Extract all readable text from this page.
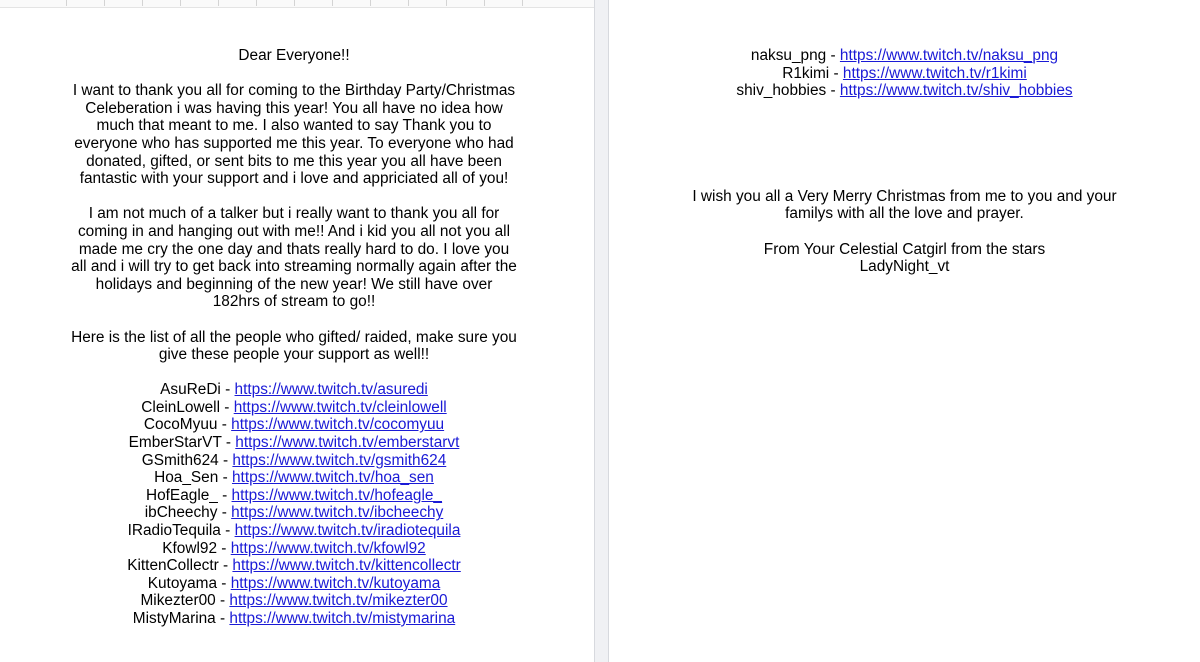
Dear Everyone!!

I want to thank you all for coming to the Birthday Party/Christmas
Celeberation i was having this year! You all have no idea how
much that meant to me. I also wanted to say Thank you to
everyone who has supported me this year. To everyone who had
donated, gifted, or sent bits to me this year you all have been
fantastic with your support and i love and appriciated all of you!

I am not much of a talker but i really want to thank you all for
coming in and hanging out with me!! And i kid you all not you all
made me cry the one day and thats really hard to do. I love you
all and i will try to get back into streaming normally again after the
holidays and beginning of the new year! We still have over
182hrs of stream to go!!

Here is the list of all the people who gifted/ raided, make sure you
give these people your support as well!!

AsuReDi - https://www.twitch.tv/asuredi
CleinLowell - https://www.twitch.tv/cleinlowell
CocoMyuu - https://www.twitch.tv/cocomyuu
EmberStarVT - https://www.twitch.tv/emberstarvt
GSmith624 - https://www.twitch.tv/gsmith624
Hoa_Sen - https://www.twitch.tv/hoa_sen
HofEagle_ - https://www.twitch.tv/hofeagle_
ibCheechy - https://www.twitch.tv/ibcheechy
IRadioTequila - https://www.twitch.tv/iradiotequila
Kfowl92 - https://www.twitch.tv/kfowl92
KittenCollectr - https://www.twitch.tv/kittencollectr
Kutoyama - https://www.twitch.tv/kutoyama
Mikezter00 - https://www.twitch.tv/mikezter00
MistyMarina - https://www.twitch.tv/mistymarina
naksu_png - https://www.twitch.tv/naksu_png
R1kimi - https://www.twitch.tv/r1kimi
shiv_hobbies - https://www.twitch.tv/shiv_hobbies

I wish you all a Very Merry Christmas from me to you and your
familys with all the love and prayer.

From Your Celestial Catgirl from the stars
LadyNight_vt
